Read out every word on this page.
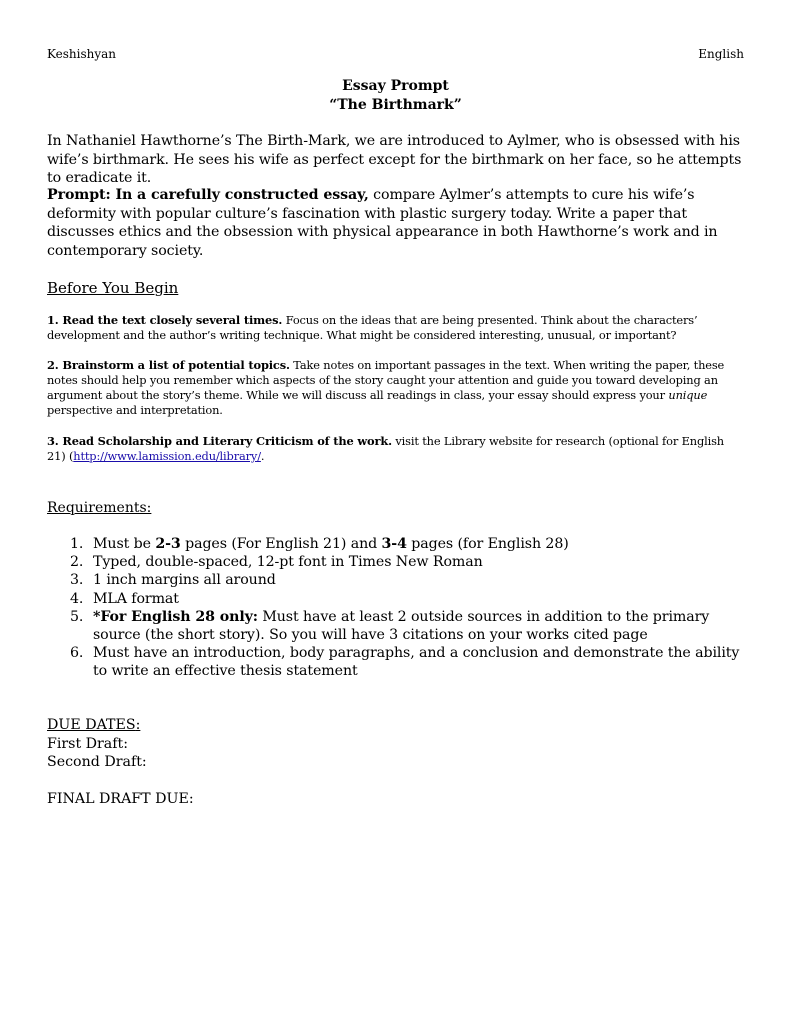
Keshishyan	English
Essay Prompt
“The Birthmark”
In Nathaniel Hawthorne’s The Birth-Mark, we are introduced to Aylmer, who is obsessed with his wife’s birthmark. He sees his wife as perfect except for the birthmark on her face, so he attempts to eradicate it.
Prompt: In a carefully constructed essay, compare Aylmer’s attempts to cure his wife’s deformity with popular culture’s fascination with plastic surgery today. Write a paper that discusses ethics and the obsession with physical appearance in both Hawthorne’s work and in contemporary society.
Before You Begin
1. Read the text closely several times. Focus on the ideas that are being presented. Think about the characters’ development and the author’s writing technique. What might be considered interesting, unusual, or important?
2. Brainstorm a list of potential topics. Take notes on important passages in the text. When writing the paper, these notes should help you remember which aspects of the story caught your attention and guide you toward developing an argument about the story’s theme. While we will discuss all readings in class, your essay should express your unique perspective and interpretation.
3. Read Scholarship and Literary Criticism of the work. visit the Library website for research (optional for English 21) (http://www.lamission.edu/library/.
Requirements:
1. Must be 2-3 pages (For English 21) and 3-4 pages (for English 28)
2. Typed, double-spaced, 12-pt font in Times New Roman
3. 1 inch margins all around
4. MLA format
5. *For English 28 only: Must have at least 2 outside sources in addition to the primary source (the short story). So you will have 3 citations on your works cited page
6. Must have an introduction, body paragraphs, and a conclusion and demonstrate the ability to write an effective thesis statement
DUE DATES:
First Draft:
Second Draft:
FINAL DRAFT DUE:
